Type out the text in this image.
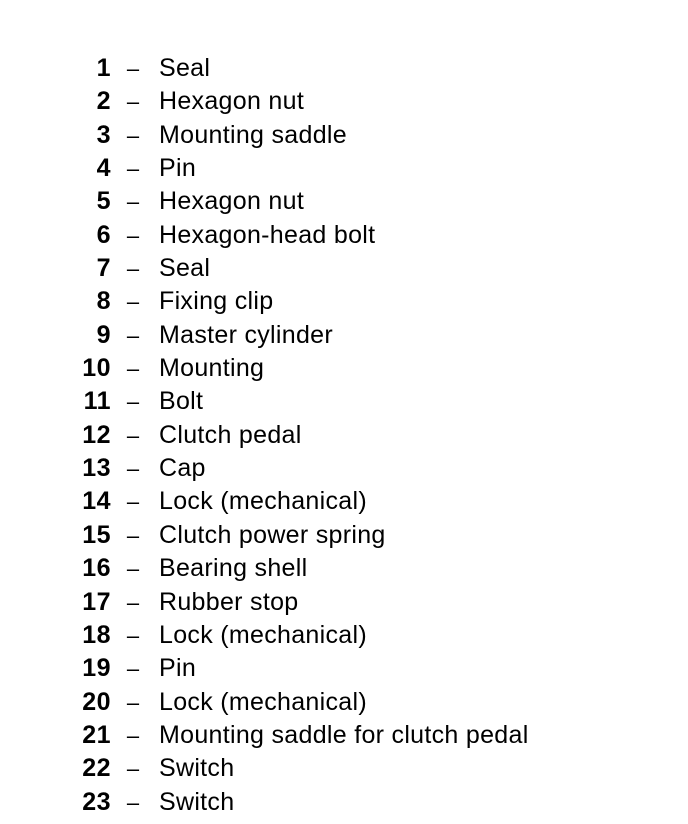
1 – Seal
2 – Hexagon nut
3 – Mounting saddle
4 – Pin
5 – Hexagon nut
6 – Hexagon-head bolt
7 – Seal
8 – Fixing clip
9 – Master cylinder
10 – Mounting
11 – Bolt
12 – Clutch pedal
13 – Cap
14 – Lock (mechanical)
15 – Clutch power spring
16 – Bearing shell
17 – Rubber stop
18 – Lock (mechanical)
19 – Pin
20 – Lock (mechanical)
21 – Mounting saddle for clutch pedal
22 – Switch
23 – Switch
